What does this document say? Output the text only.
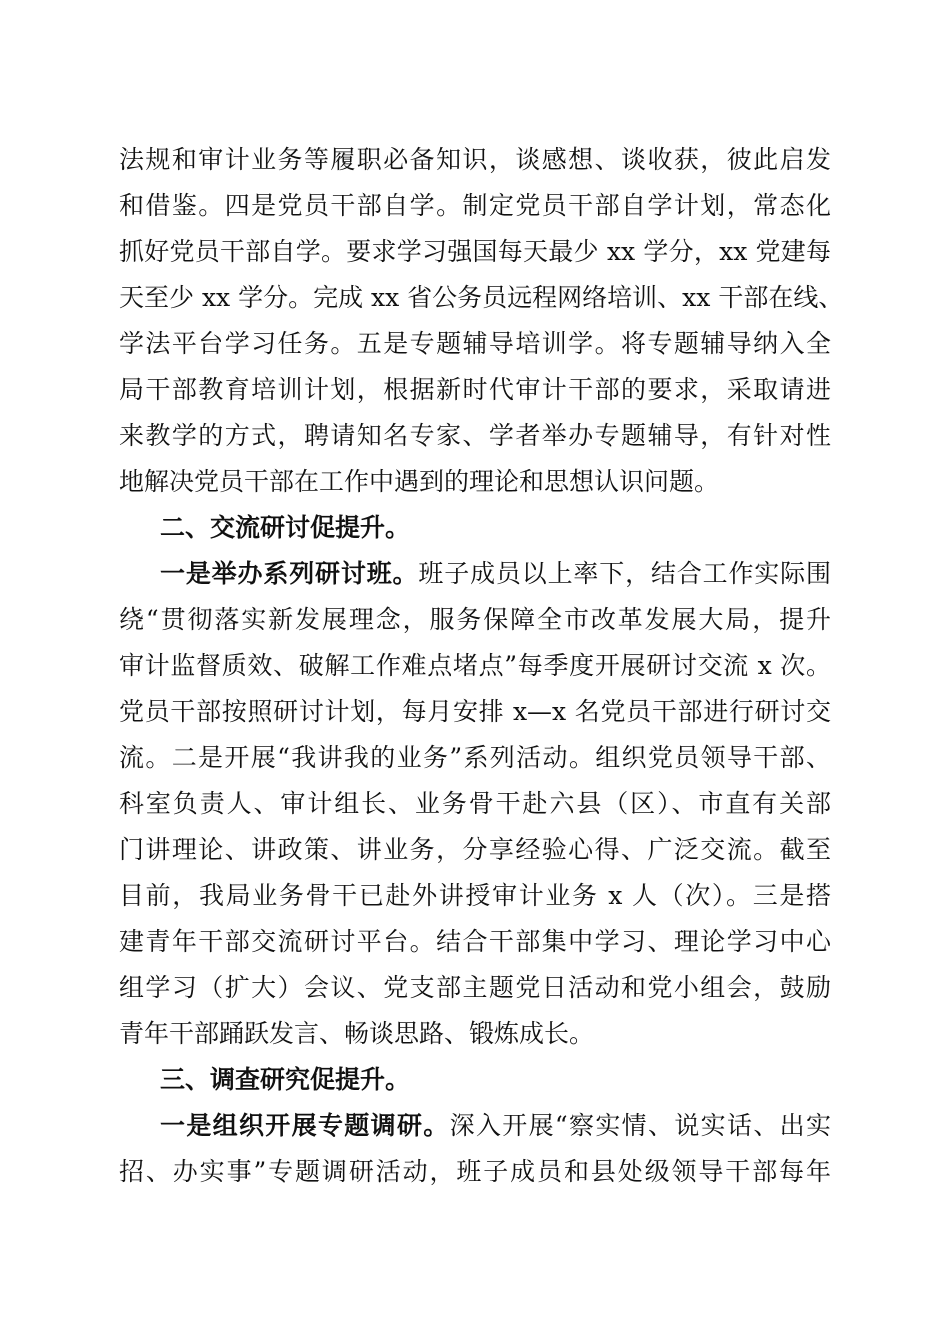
法规和审计业务等履职必备知识，谈感想、谈收获，彼此启发
和借鉴。四是党员干部自学。制定党员干部自学计划，常态化
抓好党员干部自学。要求学习强国每天最少 xx 学分，xx 党建每
天至少 xx 学分。完成 xx 省公务员远程网络培训、xx 干部在线、
学法平台学习任务。五是专题辅导培训学。将专题辅导纳入全
局干部教育培训计划，根据新时代审计干部的要求，采取请进
来教学的方式，聘请知名专家、学者举办专题辅导，有针对性
地解决党员干部在工作中遇到的理论和思想认识问题。
二、交流研讨促提升。
一是举办系列研讨班。班子成员以上率下，结合工作实际围
绕“贯彻落实新发展理念，服务保障全市改革发展大局，提升
审计监督质效、破解工作难点堵点”每季度开展研讨交流 x 次。
党员干部按照研讨计划，每月安排 x—x 名党员干部进行研讨交
流。二是开展“我讲我的业务”系列活动。组织党员领导干部、
科室负责人、审计组长、业务骨干赴六县（区）、市直有关部
门讲理论、讲政策、讲业务，分享经验心得、广泛交流。截至
目前，我局业务骨干已赴外讲授审计业务 x 人（次）。三是搭
建青年干部交流研讨平台。结合干部集中学习、理论学习中心
组学习（扩大）会议、党支部主题党日活动和党小组会，鼓励
青年干部踊跃发言、畅谈思路、锻炼成长。
三、调查研究促提升。
一是组织开展专题调研。深入开展“察实情、说实话、出实
招、办实事”专题调研活动，班子成员和县处级领导干部每年
